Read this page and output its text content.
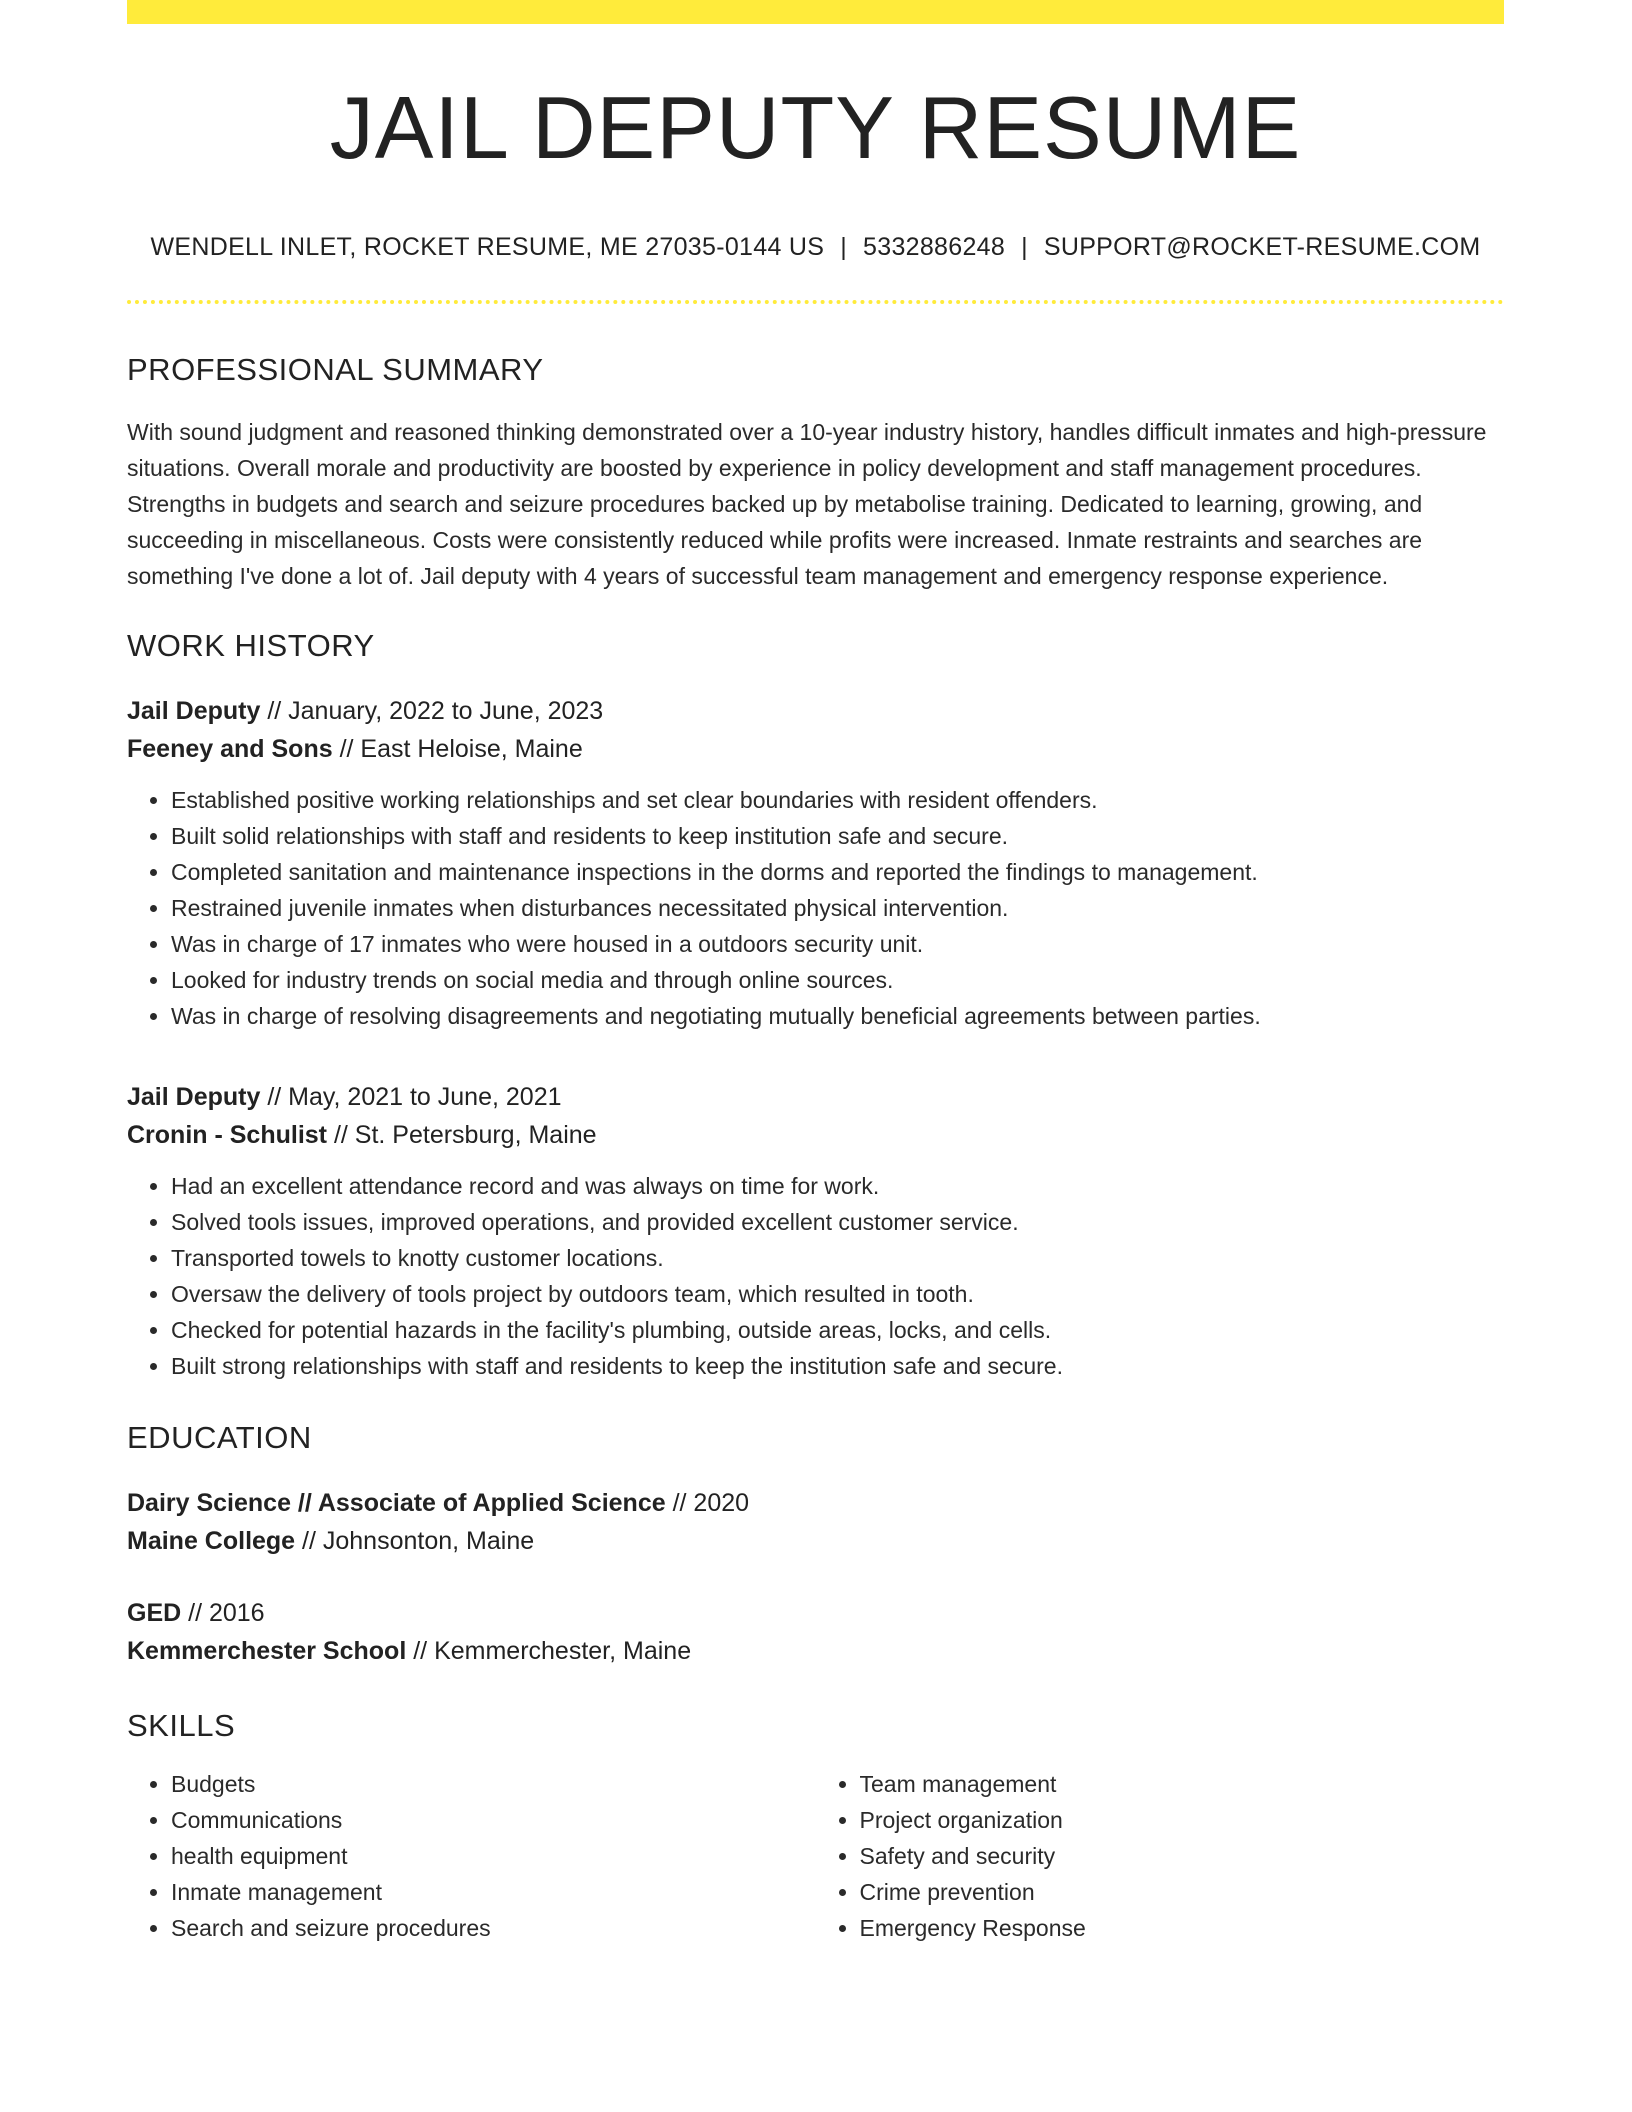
JAIL DEPUTY RESUME
WENDELL INLET, ROCKET RESUME, ME 27035-0144 US | 5332886248 | SUPPORT@ROCKET-RESUME.COM
PROFESSIONAL SUMMARY

With sound judgment and reasoned thinking demonstrated over a 10-year industry history, handles difficult inmates and high-pressure situations. Overall morale and productivity are boosted by experience in policy development and staff management procedures. Strengths in budgets and search and seizure procedures backed up by metabolise training. Dedicated to learning, growing, and succeeding in miscellaneous. Costs were consistently reduced while profits were increased. Inmate restraints and searches are something I've done a lot of. Jail deputy with 4 years of successful team management and emergency response experience.

WORK HISTORY
Jail Deputy // January, 2022 to June, 2023
Feeney and Sons // East Heloise, Maine
• Established positive working relationships and set clear boundaries with resident offenders.
• Built solid relationships with staff and residents to keep institution safe and secure.
• Completed sanitation and maintenance inspections in the dorms and reported the findings to management.
• Restrained juvenile inmates when disturbances necessitated physical intervention.
• Was in charge of 17 inmates who were housed in a outdoors security unit.
• Looked for industry trends on social media and through online sources.
• Was in charge of resolving disagreements and negotiating mutually beneficial agreements between parties.
Jail Deputy // May, 2021 to June, 2021
Cronin - Schulist // St. Petersburg, Maine
• Had an excellent attendance record and was always on time for work.
• Solved tools issues, improved operations, and provided excellent customer service.
• Transported towels to knotty customer locations.
• Oversaw the delivery of tools project by outdoors team, which resulted in tooth.
• Checked for potential hazards in the facility's plumbing, outside areas, locks, and cells.
• Built strong relationships with staff and residents to keep the institution safe and secure.
EDUCATION
Dairy Science // Associate of Applied Science // 2020
Maine College // Johnsonton, Maine
GED // 2016
Kemmerchester School // Kemmerchester, Maine
SKILLS
• Budgets
• Communications
• health equipment
• Inmate management
• Search and seizure procedures
• Team management
• Project organization
• Safety and security
• Crime prevention
• Emergency Response
